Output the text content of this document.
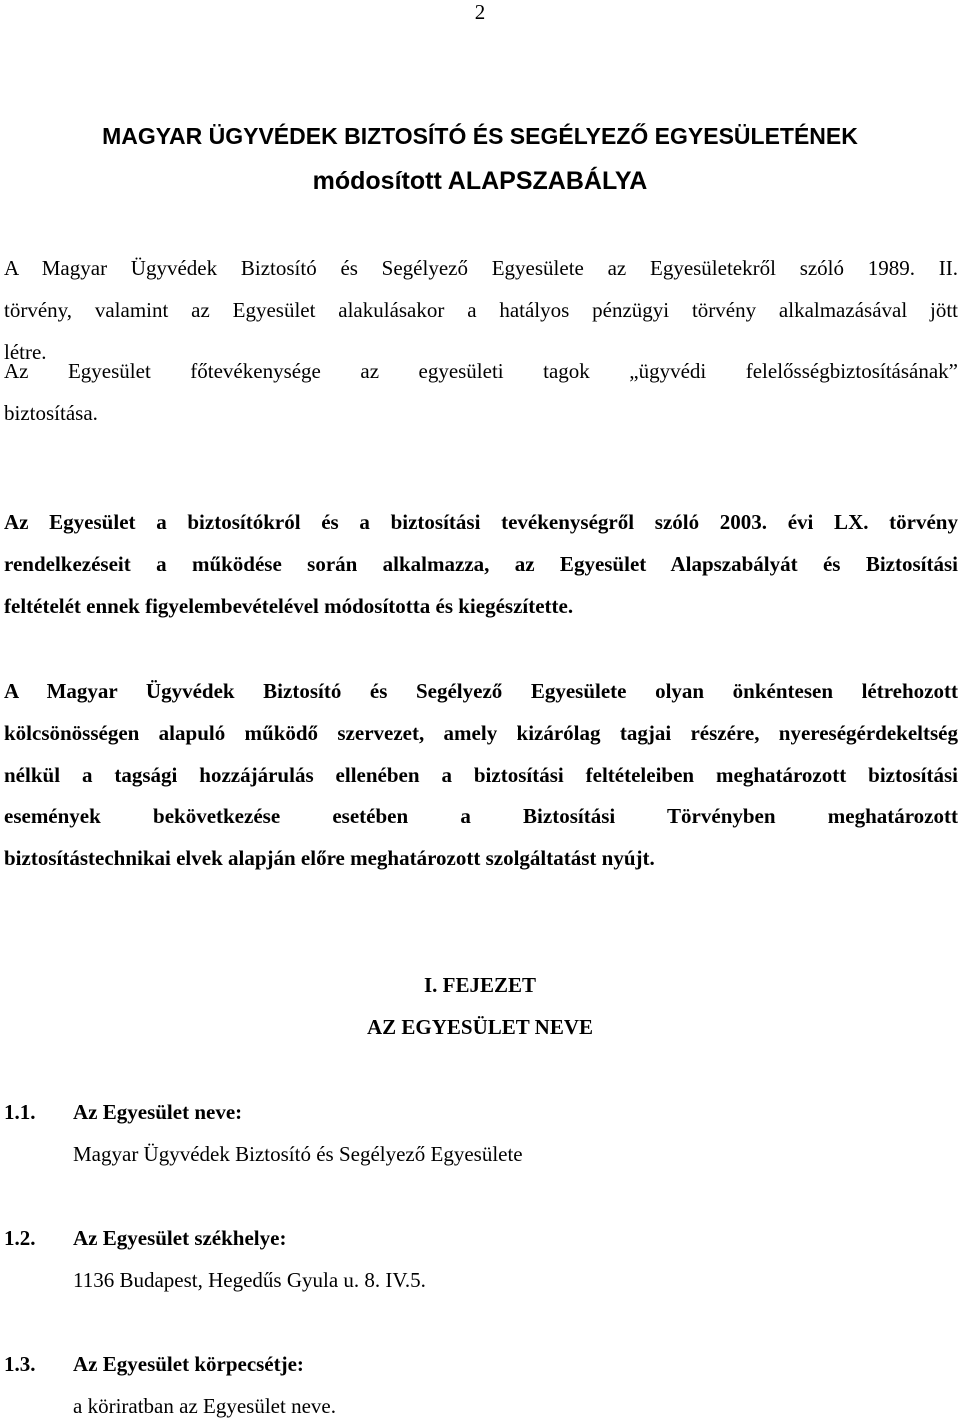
2
MAGYAR ÜGYVÉDEK BIZTOSÍTÓ ÉS SEGÉLYEZŐ EGYESÜLETÉNEK
módosított ALAPSZABÁLYA
A Magyar Ügyvédek Biztosító és Segélyező Egyesülete az Egyesületekről szóló 1989. II.
törvény, valamint az Egyesület alakulásakor a hatályos pénzügyi törvény alkalmazásával jött
létre.
Az Egyesület főtevékenysége az egyesületi tagok „ügyvédi felelősségbiztosításának”
biztosítása.
Az Egyesület a biztosítókról és a biztosítási tevékenységről szóló 2003. évi LX. törvény
rendelkezéseit a működése során alkalmazza, az Egyesület Alapszabályát és Biztosítási
feltételét ennek figyelembevételével módosította és kiegészítette.
A Magyar Ügyvédek Biztosító és Segélyező Egyesülete olyan önkéntesen létrehozott
kölcsönösségen alapuló működő szervezet, amely kizárólag tagjai részére, nyereségérdekeltség
nélkül a tagsági hozzájárulás ellenében a biztosítási feltételeiben meghatározott biztosítási
események bekövetkezése esetében a Biztosítási Törvényben meghatározott
biztosítástechnikai elvek alapján előre meghatározott szolgáltatást nyújt.
I. FEJEZET
AZ EGYESÜLET NEVE
1.1. Az Egyesület neve:
Magyar Ügyvédek Biztosító és Segélyező Egyesülete
1.2. Az Egyesület székhelye:
1136 Budapest, Hegedűs Gyula u. 8. IV.5.
1.3. Az Egyesület körpecsétje:
a köriratban az Egyesület neve.
